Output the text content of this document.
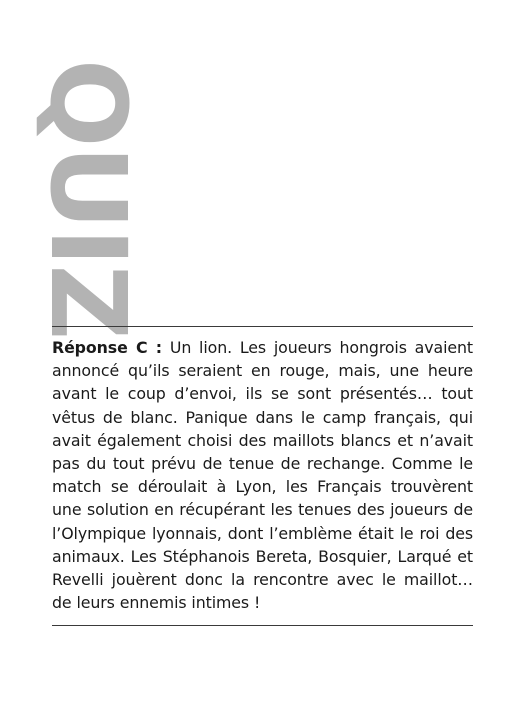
Q
U
I
Z

Réponse C : Un lion. Les joueurs hongrois avaient annoncé qu’ils seraient en rouge, mais, une heure avant le coup d’envoi, ils se sont présentés… tout vêtus de blanc. Panique dans le camp français, qui avait également choisi des maillots blancs et n’avait pas du tout prévu de tenue de rechange. Comme le match se déroulait à Lyon, les Français trouvèrent une solution en récupérant les tenues des joueurs de l’Olympique lyonnais, dont l’emblème était le roi des animaux. Les Stéphanois Bereta, Bosquier, Larqué et Revelli jouèrent donc la rencontre avec le maillot… de leurs ennemis intimes !
